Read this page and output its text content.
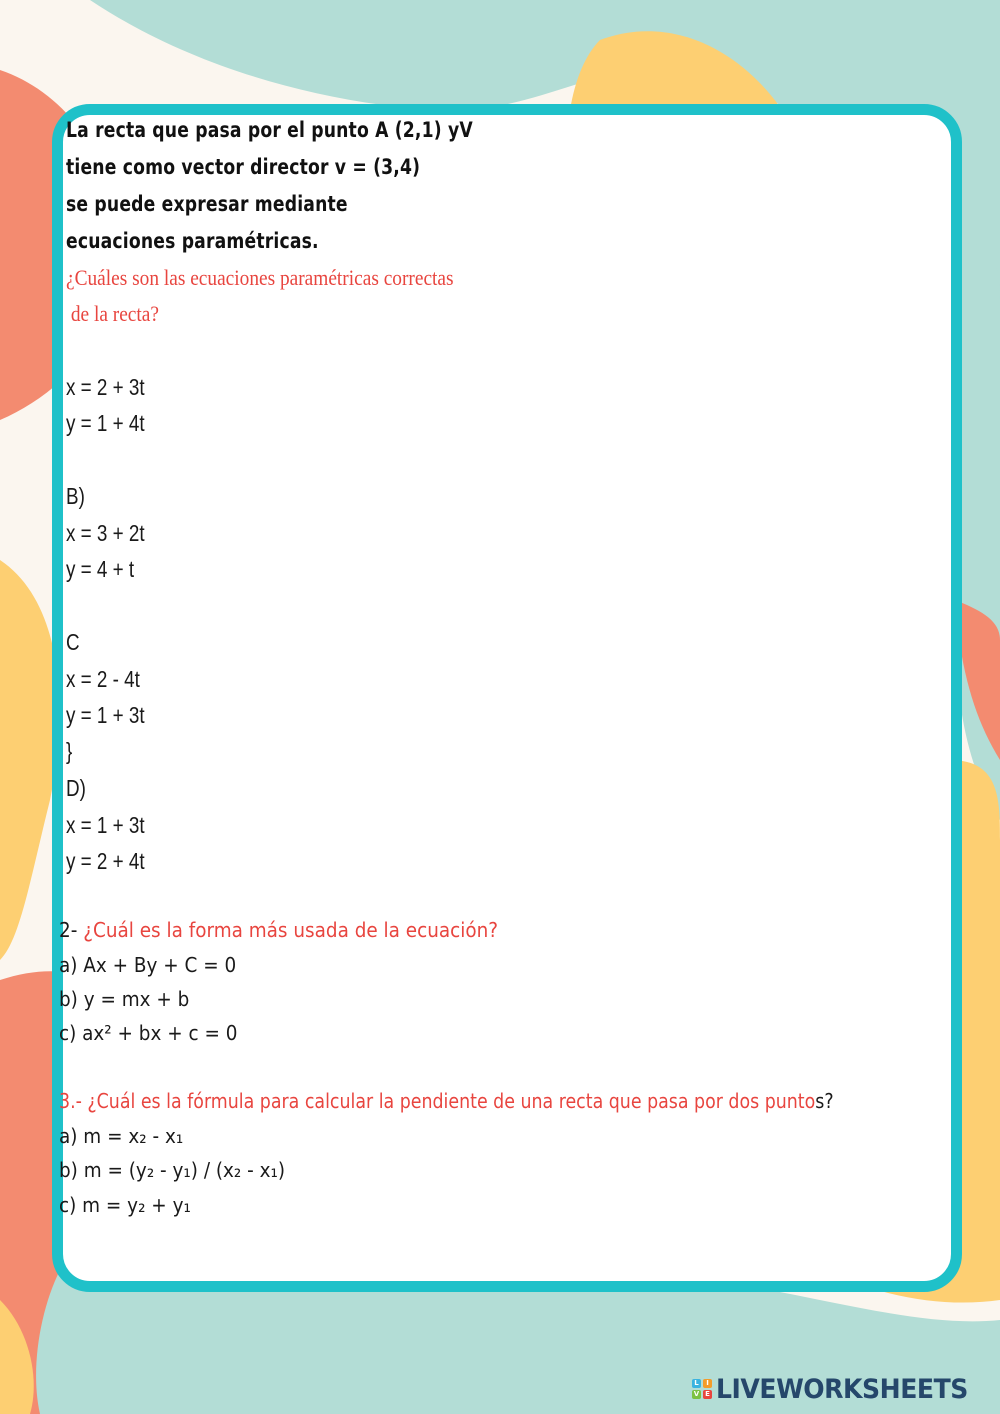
La recta que pasa por el punto A (2,1) yV
tiene como vector director v = (3,4)
se puede expresar mediante
ecuaciones paramétricas.
¿Cuáles son las ecuaciones paramétricas correctas
de la recta?
x = 2 + 3t
y = 1 + 4t
B)
x = 3 + 2t
y = 4 + t
C
x = 2 - 4t
y = 1 + 3t
}
D)
x = 1 + 3t
y = 2 + 4t
2- ¿Cuál es la forma más usada de la ecuación?
a) Ax + By + C = 0
b) y = mx + b
c) ax² + bx + c = 0
3.- ¿Cuál es la fórmula para calcular la pendiente de una recta que pasa por dos puntos?
a) m = x₂ - x₁
b) m = (y₂ - y₁) / (x₂ - x₁)
c) m = y₂ + y₁
L	I
V E LIVEWORKSHEETS
